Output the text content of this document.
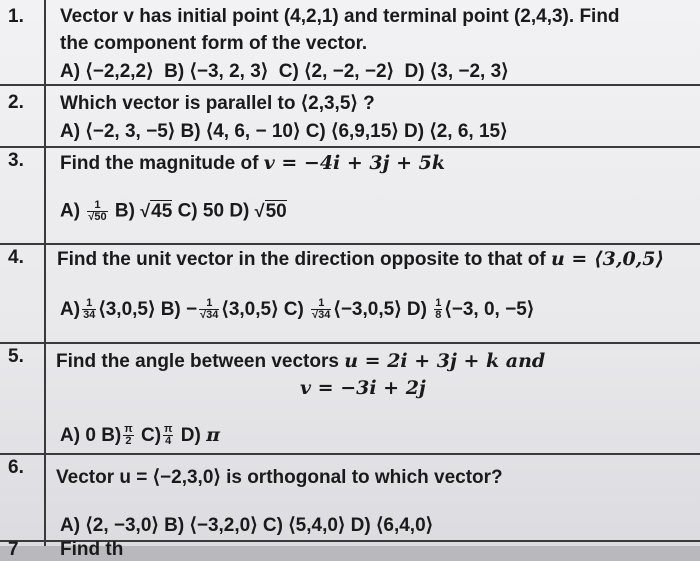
1. Vector v has initial point (4,2,1) and terminal point (2,4,3). Find
the component form of the vector.
A) ⟨−2,2,2⟩ B) ⟨−3, 2, 3⟩ C) ⟨2, −2, −2⟩ D) ⟨3, −2, 3⟩
2. Which vector is parallel to ⟨2,3,5⟩ ?
A) ⟨−2, 3, −5⟩ B) ⟨4, 6, − 10⟩ C) ⟨6,9,15⟩ D) ⟨2, 6, 15⟩
3. Find the magnitude of v = −4i + 3j + 5k
$A) \frac{1}{√50} B$) √45 C) 50 D) √50
4. Find the unit vector in the direction opposite to that of u = ⟨3,0,5⟩
$A) \frac{1}{34}$ ⟨3,0,5⟩ $B) - \frac{1}{√34}$ ⟨3,0,5⟩ $C) \frac{1}{√34}$ ⟨−3,0,5⟩ $D) \frac{1}{8}$ ⟨−3, 0, −5⟩
5. Find the angle between vectors u = 2i + 3j + k and
v = −3i + 2j
A) 0 $B) \frac{\pi}{2} C) \frac{\pi}{4} D$) π
6. Vector u = ⟨−2,3,0⟩ is orthogonal to which vector?
A) ⟨2, −3,0⟩ B) ⟨−3,2,0⟩ C) ⟨5,4,0⟩ D) ⟨6,4,0⟩
7 Find th
